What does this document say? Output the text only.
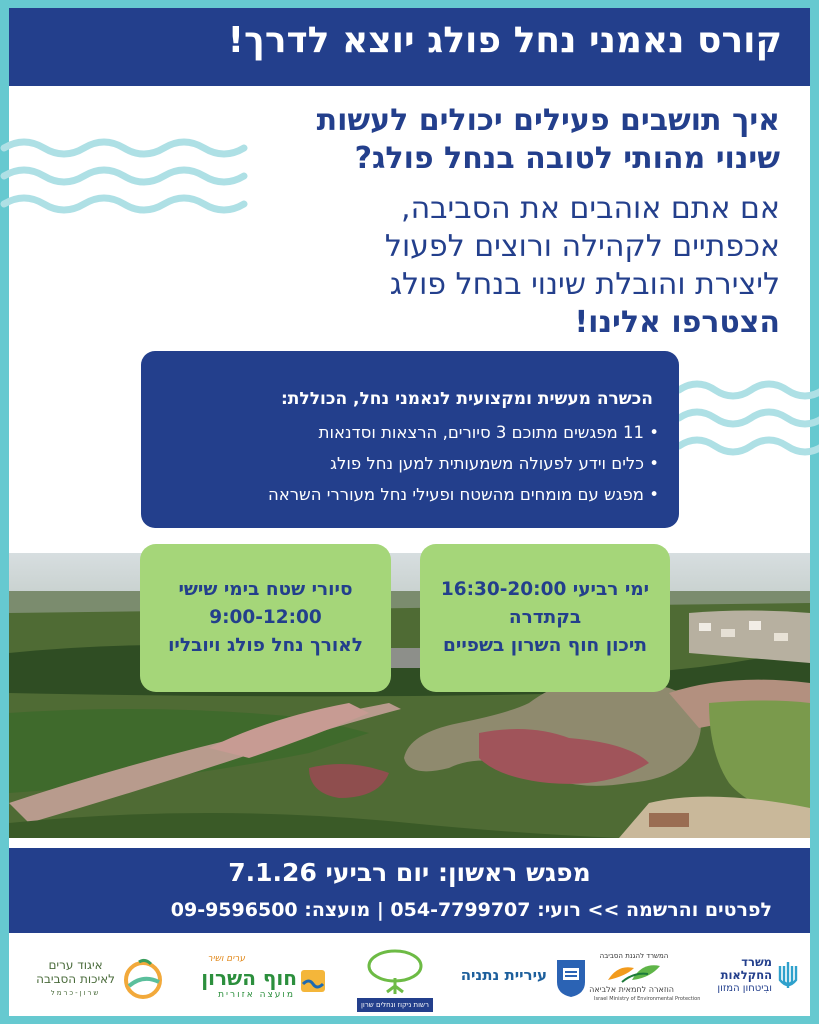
קורס נאמני נחל פולג יוצא לדרך!
איך תושבים פעילים יכולים לעשות
שינוי מהותי לטובה בנחל פולג?
אם אתם אוהבים את הסביבה,
אכפתיים לקהילה ורוצים לפעול
ליצירת והובלת שינוי בנחל פולג
הצטרפו אלינו!
הכשרה מעשית ומקצועית לנאמני נחל, הכוללת:
• 11 מפגשים מתוכם 3 סיורים, הרצאות וסדנאות
• כלים וידע לפעולה משמעותית למען נחל פולג
• מפגש עם מומחים מהשטח ופעילי נחל מעוררי השראה
ימי רביעי 16:30-20:00
בקתדרה
תיכון חוף השרון בשפיים
סיורי שטח בימי שישי
9:00-12:00
לאורך נחל פולג ויובליו
מפגש ראשון: יום רביעי 7.1.26
לפרטים והרשמה >> רועי: 054-7799707 | מועצה: 09-9596500
משרד
החקלאות
ובִיטחון המזון
המשרד להגנת הסביבה
הוזארה לחמאית אלביאה
Israel Ministry of Environmental Protection
עיריית נתניה
רשות ניקוז ונחלים שרון
ערים ושיר
חוף השרון
מועצה אזורית
איגוד ערים
לאיכות הסביבה
שרון-כרמל
